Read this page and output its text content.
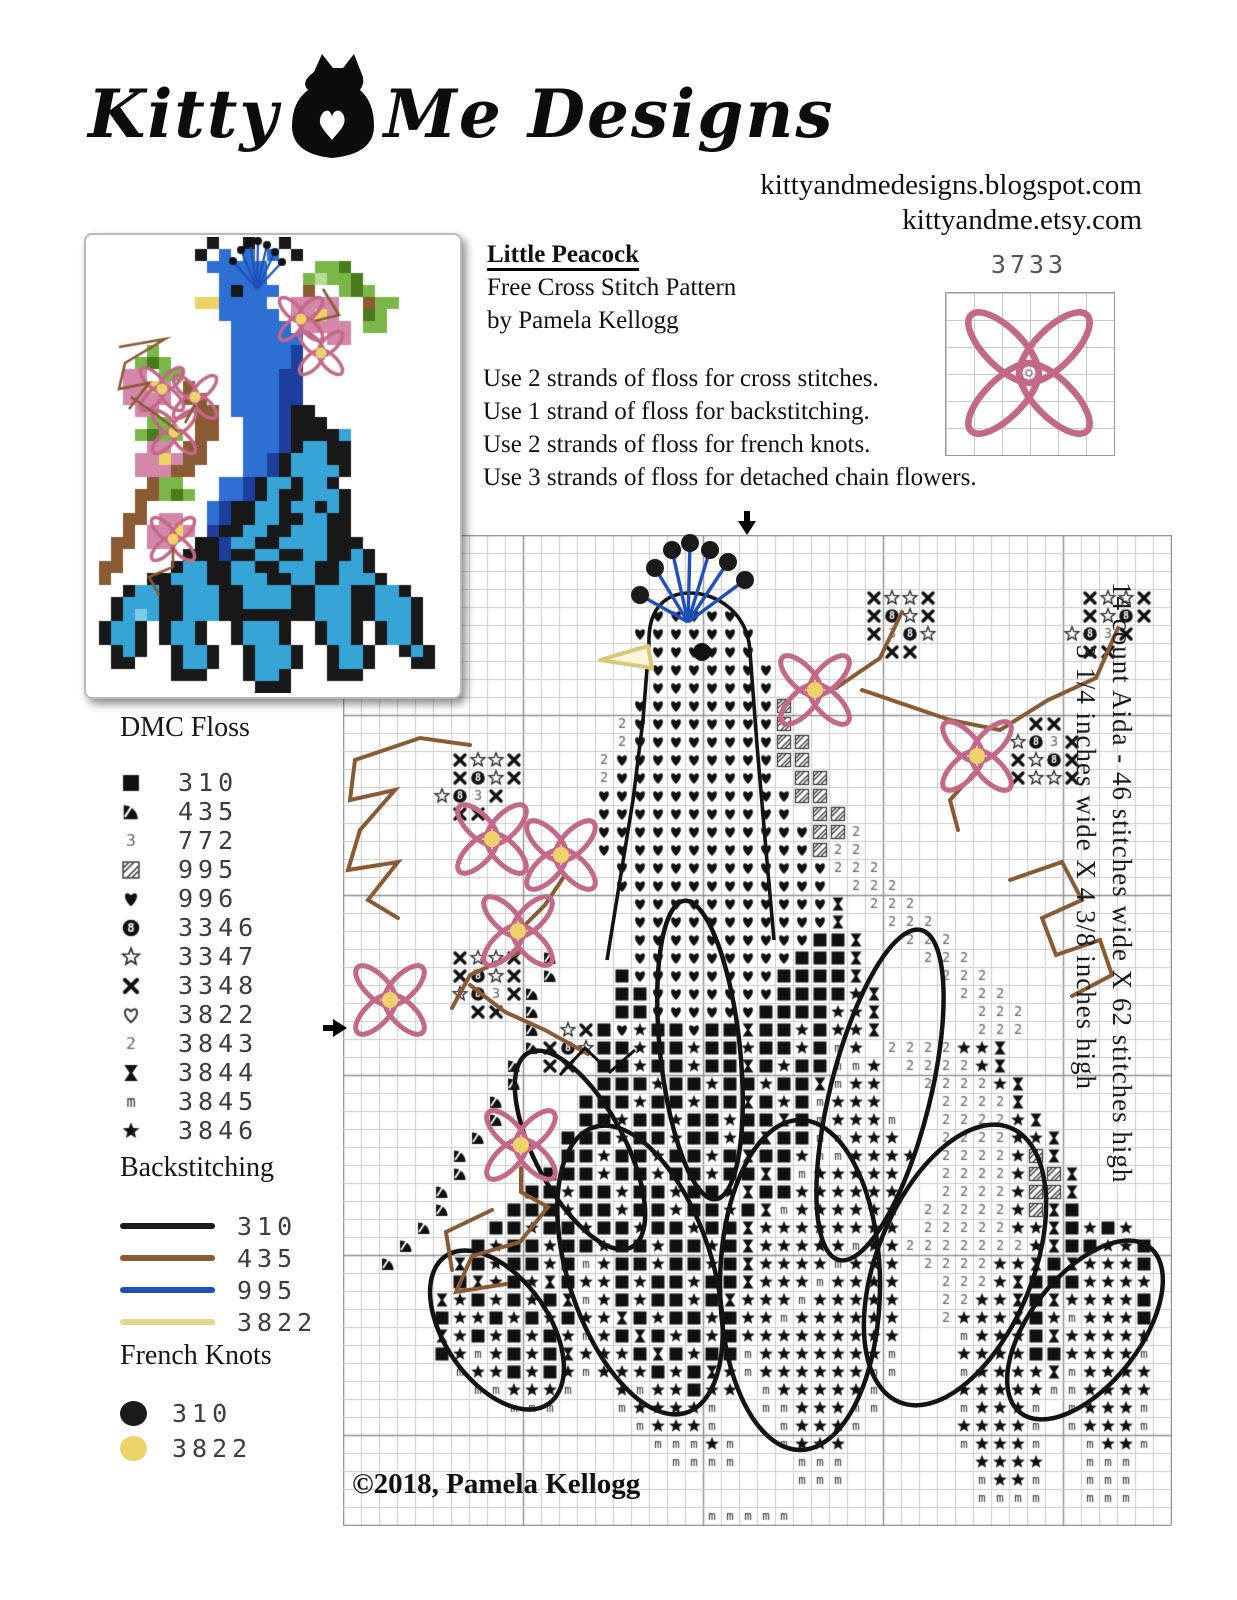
Kitty Me Designs
kittyandmedesigns.blogspot.com
kittyandme.etsy.com
Little Peacock
Free Cross Stitch Pattern
by Pamela Kellogg
Use 2 strands of floss for cross stitches.
Use 1 strand of floss for backstitching.
Use 2 strands of floss for french knots.
Use 3 strands of floss for detached chain flowers.
3733
DMC Floss
310
435
772
995
996
3346
3347
3348
3822
3843
3844
3845
3846
Backstitching
310
435
995
3822
French Knots
310
3822
14 count Aida - 46 stitches wide X 62 stitches high
3 1/4 inches wide X 4 3/8 inches high
©2018, Pamela Kellogg
